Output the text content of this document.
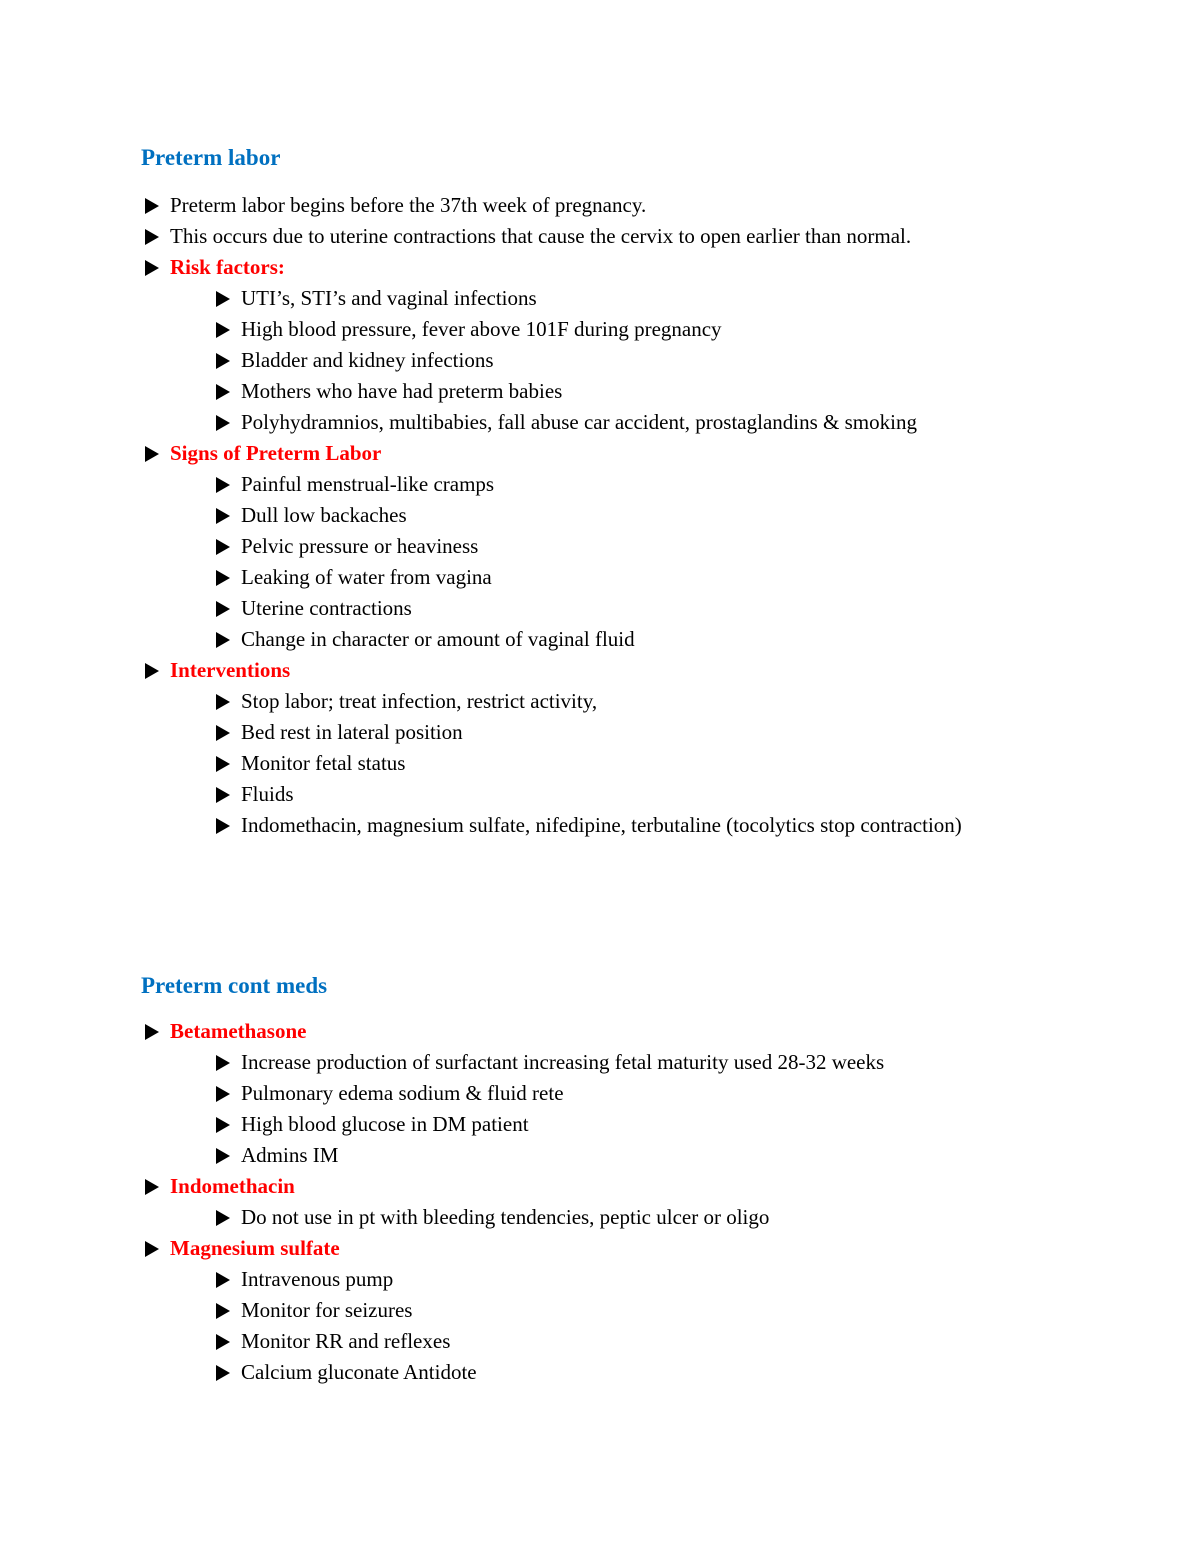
Preterm labor
Preterm labor begins before the 37th week of pregnancy.
This occurs due to uterine contractions that cause the cervix to open earlier than normal.
Risk factors:
UTI’s, STI’s and vaginal infections
High blood pressure, fever above 101F during pregnancy
Bladder and kidney infections
Mothers who have had preterm babies
Polyhydramnios, multibabies, fall abuse car accident, prostaglandins & smoking
Signs of Preterm Labor
Painful menstrual-like cramps
Dull low backaches
Pelvic pressure or heaviness
Leaking of water from vagina
Uterine contractions
Change in character or amount of vaginal fluid
Interventions
Stop labor; treat infection, restrict activity,
Bed rest in lateral position
Monitor fetal status
Fluids
Indomethacin, magnesium sulfate, nifedipine, terbutaline (tocolytics stop contraction)
Preterm cont meds
Betamethasone
Increase production of surfactant increasing fetal maturity used 28-32 weeks
Pulmonary edema sodium & fluid rete
High blood glucose in DM patient
Admins IM
Indomethacin
Do not use in pt with bleeding tendencies, peptic ulcer or oligo
Magnesium sulfate
Intravenous pump
Monitor for seizures
Monitor RR and reflexes
Calcium gluconate Antidote
